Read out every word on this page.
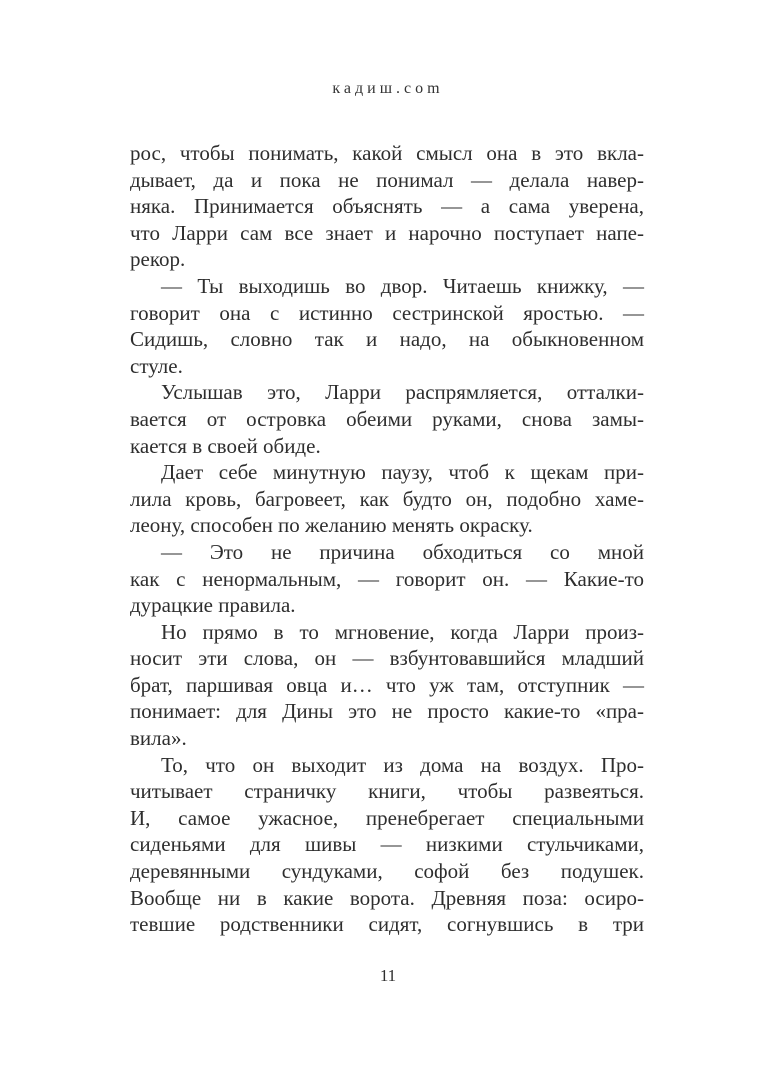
кадиш.com
рос, чтобы понимать, какой смысл она в это вкла-
дывает, да и пока не понимал — делала навер-
няка. Принимается объяснять — а сама уверена,
что Ларри сам все знает и нарочно поступает напе-
рекор.
— Ты выходишь во двор. Читаешь книжку, —
говорит она с истинно сестринской яростью. —
Сидишь, словно так и надо, на обыкновенном
стуле.
Услышав это, Ларри распрямляется, отталки-
вается от островка обеими руками, снова замы-
кается в своей обиде.
Дает себе минутную паузу, чтоб к щекам при-
лила кровь, багровеет, как будто он, подобно хаме-
леону, способен по желанию менять окраску.
— Это не причина обходиться со мной
как с ненормальным, — говорит он. — Какие-то
дурацкие правила.
Но прямо в то мгновение, когда Ларри произ-
носит эти слова, он — взбунтовавшийся младший
брат, паршивая овца и… что уж там, отступник —
понимает: для Дины это не просто какие-то «пра-
вила».
То, что он выходит из дома на воздух. Про-
читывает страничку книги, чтобы развеяться.
И, самое ужасное, пренебрегает специальными
сиденьями для шивы — низкими стульчиками,
деревянными сундуками, софой без подушек.
Вообще ни в какие ворота. Древняя поза: осиро-
тевшие родственники сидят, согнувшись в три
11
